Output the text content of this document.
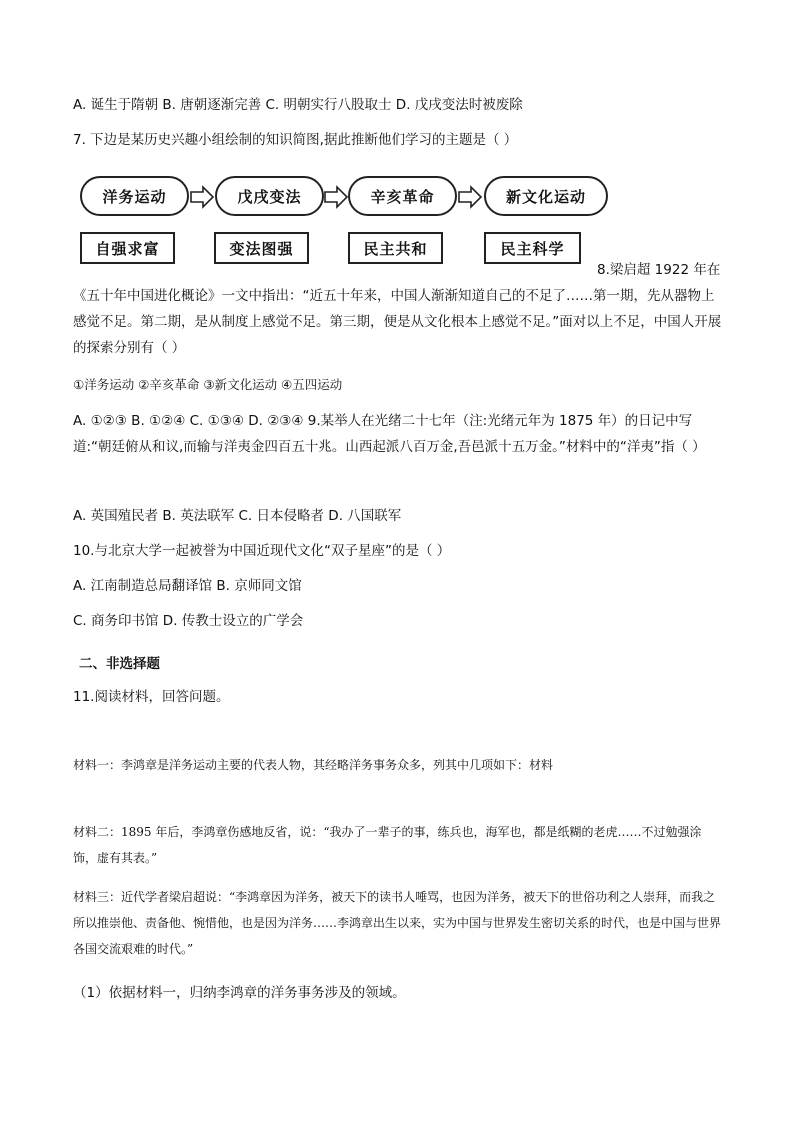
A. 诞生于隋朝 B. 唐朝逐渐完善 C. 明朝实行八股取士 D. 戊戌变法时被废除
7. 下边是某历史兴趣小组绘制的知识简图,据此推断他们学习的主题是（ ）
洋务运动	戊戌变法	辛亥革命	新文化运动
自强求富	变法图强	民主共和	民主科学
8.梁启超 1922 年在
《五十年中国进化概论》一文中指出：“近五十年来，中国人渐渐知道自己的不足了……第一期，先从器物上感觉不足。第二期，是从制度上感觉不足。第三期，便是从文化根本上感觉不足。”面对以上不足，中国人开展的探索分别有（ ）
①洋务运动 ②辛亥革命 ③新文化运动 ④五四运动
A. ①②③ B. ①②④ C. ①③④ D. ②③④ 9.某举人在光绪二十七年（注:光绪元年为 1875 年）的日记中写道:“朝廷俯从和议,而输与洋夷金四百五十兆。山西起派八百万金,吾邑派十五万金。”材料中的“洋夷”指（ ）
A. 英国殖民者 B. 英法联军 C. 日本侵略者 D. 八国联军
10.与北京大学一起被誉为中国近现代文化“双子星座”的是（ ）
A. 江南制造总局翻译馆 B. 京师同文馆
C. 商务印书馆 D. 传教士设立的广学会
二、非选择题
11.阅读材料，回答问题。
材料一：李鸿章是洋务运动主要的代表人物，其经略洋务事务众多，列其中几项如下：材料
材料二：1895 年后，李鸿章伤感地反省，说：“我办了一辈子的事，练兵也，海军也，都是纸糊的老虎……不过勉强涂饰，虚有其表。”
材料三：近代学者梁启超说：“李鸿章因为洋务，被天下的读书人唾骂，也因为洋务，被天下的世俗功利之人崇拜，而我之所以推崇他、责备他、惋惜他，也是因为洋务……李鸿章出生以来，实为中国与世界发生密切关系的时代，也是中国与世界各国交流艰难的时代。”
（1）依据材料一，归纳李鸿章的洋务事务涉及的领域。
